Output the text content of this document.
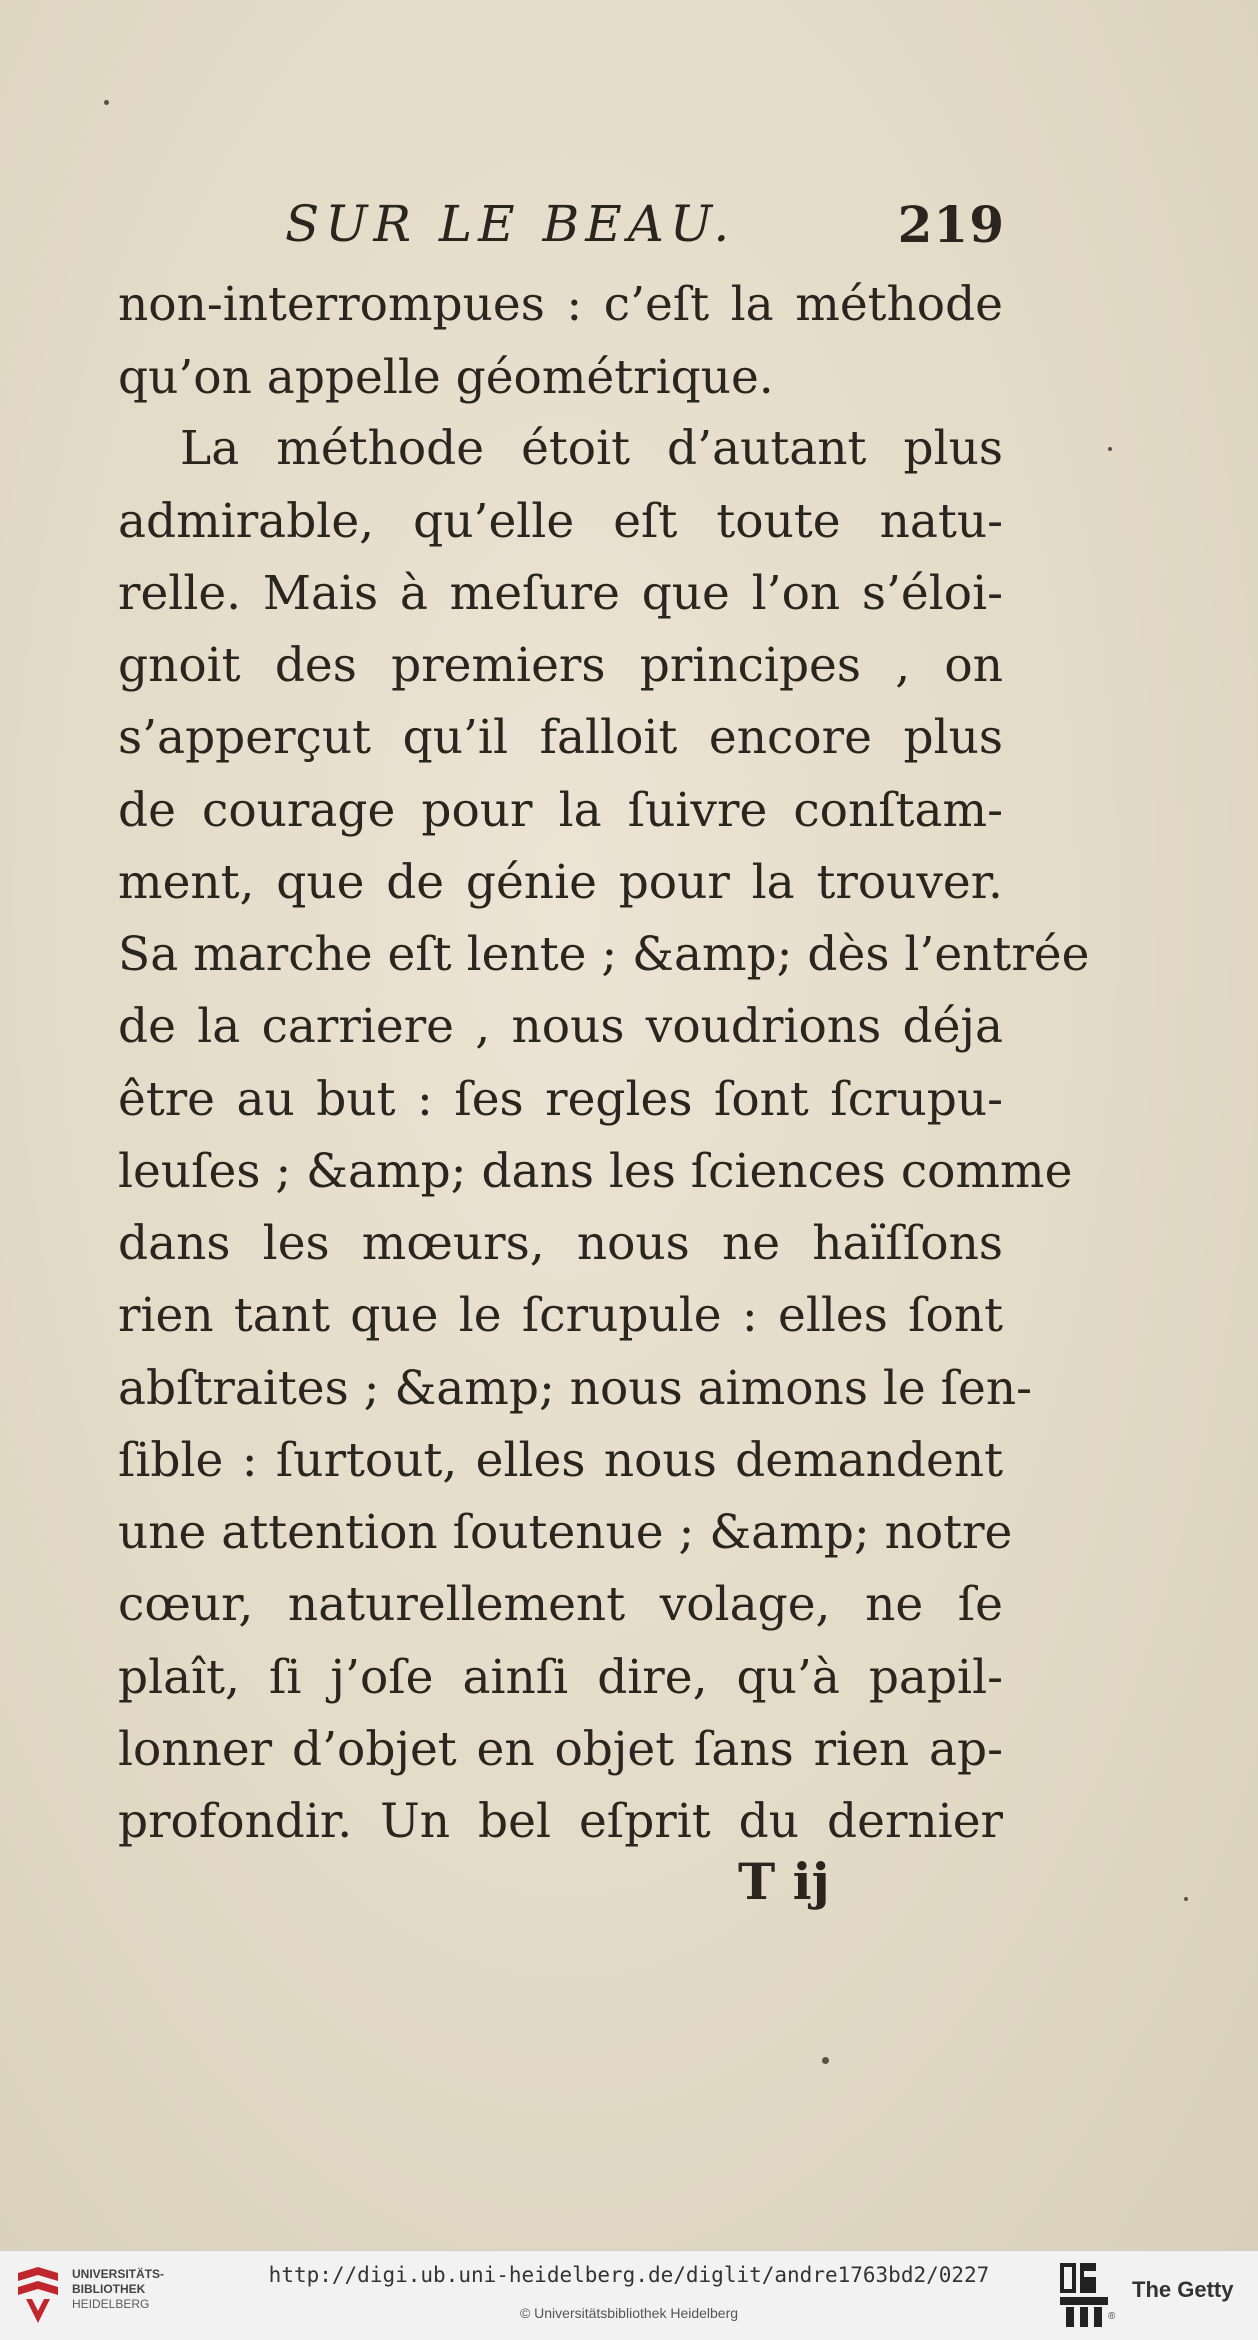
SUR LE BEAU.	219
non-interrompues : c’eſt la méthode
qu’on appelle géométrique.
La méthode étoit d’autant plus
admirable, qu’elle eſt toute natu-
relle. Mais à meſure que l’on s’éloi-
gnoit des premiers principes , on
s’apperçut qu’il falloit encore plus
de courage pour la ſuivre conſtam-
ment, que de génie pour la trouver.
Sa marche eſt lente ; &amp; dès l’entrée
de la carriere , nous voudrions déja
être au but : ſes regles ſont ſcrupu-
leuſes ; &amp; dans les ſciences comme
dans les mœurs, nous ne haïſſons
rien tant que le ſcrupule : elles ſont
abſtraites ; &amp; nous aimons le ſen-
ſible : ſurtout, elles nous demandent
une attention ſoutenue ; &amp; notre
cœur, naturellement volage, ne ſe
plaît, ſi j’oſe ainſi dire, qu’à papil-
lonner d’objet en objet ſans rien ap-
profondir. Un bel eſprit du dernier
T ij
UNIVERSITÄTS-
BIBLIOTHEK
HEIDELBERG
http://digi.ub.uni-heidelberg.de/diglit/andre1763bd2/0227
© Universitätsbibliothek Heidelberg	®
The Getty
